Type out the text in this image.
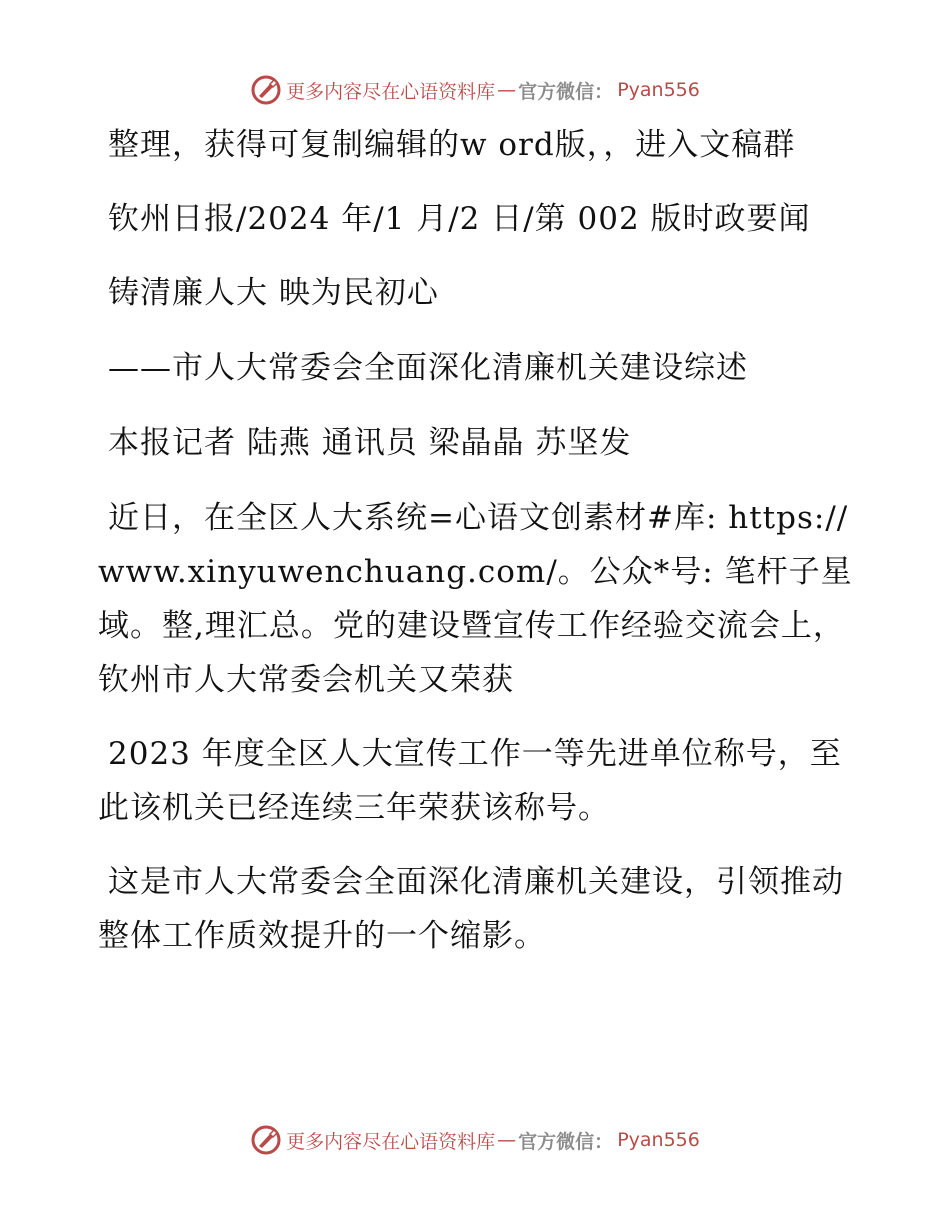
更多内容尽在心语资料库 — 官方微信： Pyan556

整理，获得可复制编辑的w ord版，，进入文稿群

钦州日报/2024 年/1 月/2 日/第 002 版时政要闻

铸清廉人大 映为民初心

——市人大常委会全面深化清廉机关建设综述

本报记者 陆燕 通讯员 梁晶晶 苏坚发

近日，在全区人大系统=心语文创素材#库: https://www.xinyuwenchuang.com/。公众*号: 笔杆子星域。整,理汇总。党的建设暨宣传工作经验交流会上，钦州市人大常委会机关又荣获

2023 年度全区人大宣传工作一等先进单位称号，至此该机关已经连续三年荣获该称号。

这是市人大常委会全面深化清廉机关建设，引领推动整体工作质效提升的一个缩影。

更多内容尽在心语资料库 — 官方微信： Pyan556
